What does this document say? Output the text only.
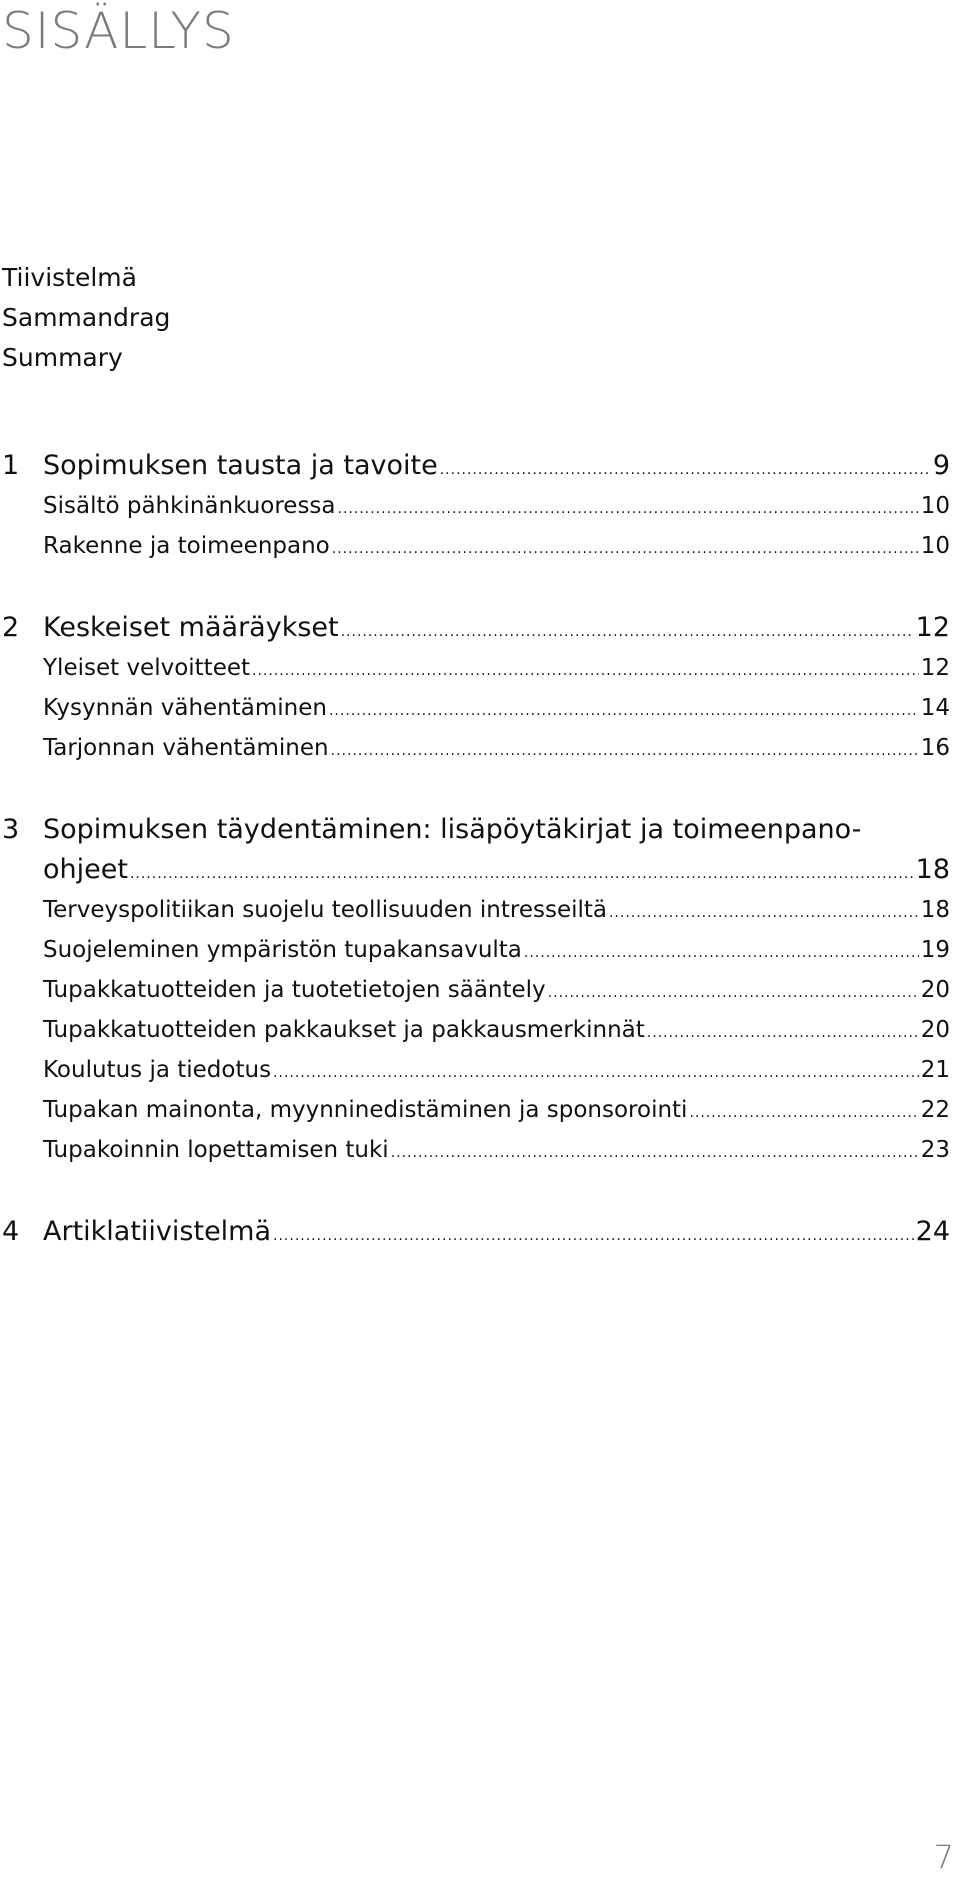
SISÄLLYS
Tiivistelmä
Sammandrag
Summary
1 Sopimuksen tausta ja tavoite .....	9
Sisältö pähkinänkuoressa .....	10
Rakenne ja toimeenpano .....	10
2 Keskeiset määräykset .....	12
Yleiset velvoitteet .....	12
Kysynnän vähentäminen .....	14
Tarjonnan vähentäminen .....	16
3 Sopimuksen täydentäminen: lisäpöytäkirjat ja toimeenpano-
ohjeet .....	18
Terveyspolitiikan suojelu teollisuuden intresseiltä .....	18
Suojeleminen ympäristön tupakansavulta .....	19
Tupakkatuotteiden ja tuotetietojen sääntely .....	20
Tupakkatuotteiden pakkaukset ja pakkausmerkinnät .....	20
Koulutus ja tiedotus .....	21
Tupakan mainonta, myynninedistäminen ja sponsorointi .....	22
Tupakoinnin lopettamisen tuki .....	23
4 Artiklatiivistelmä .....	24
7
